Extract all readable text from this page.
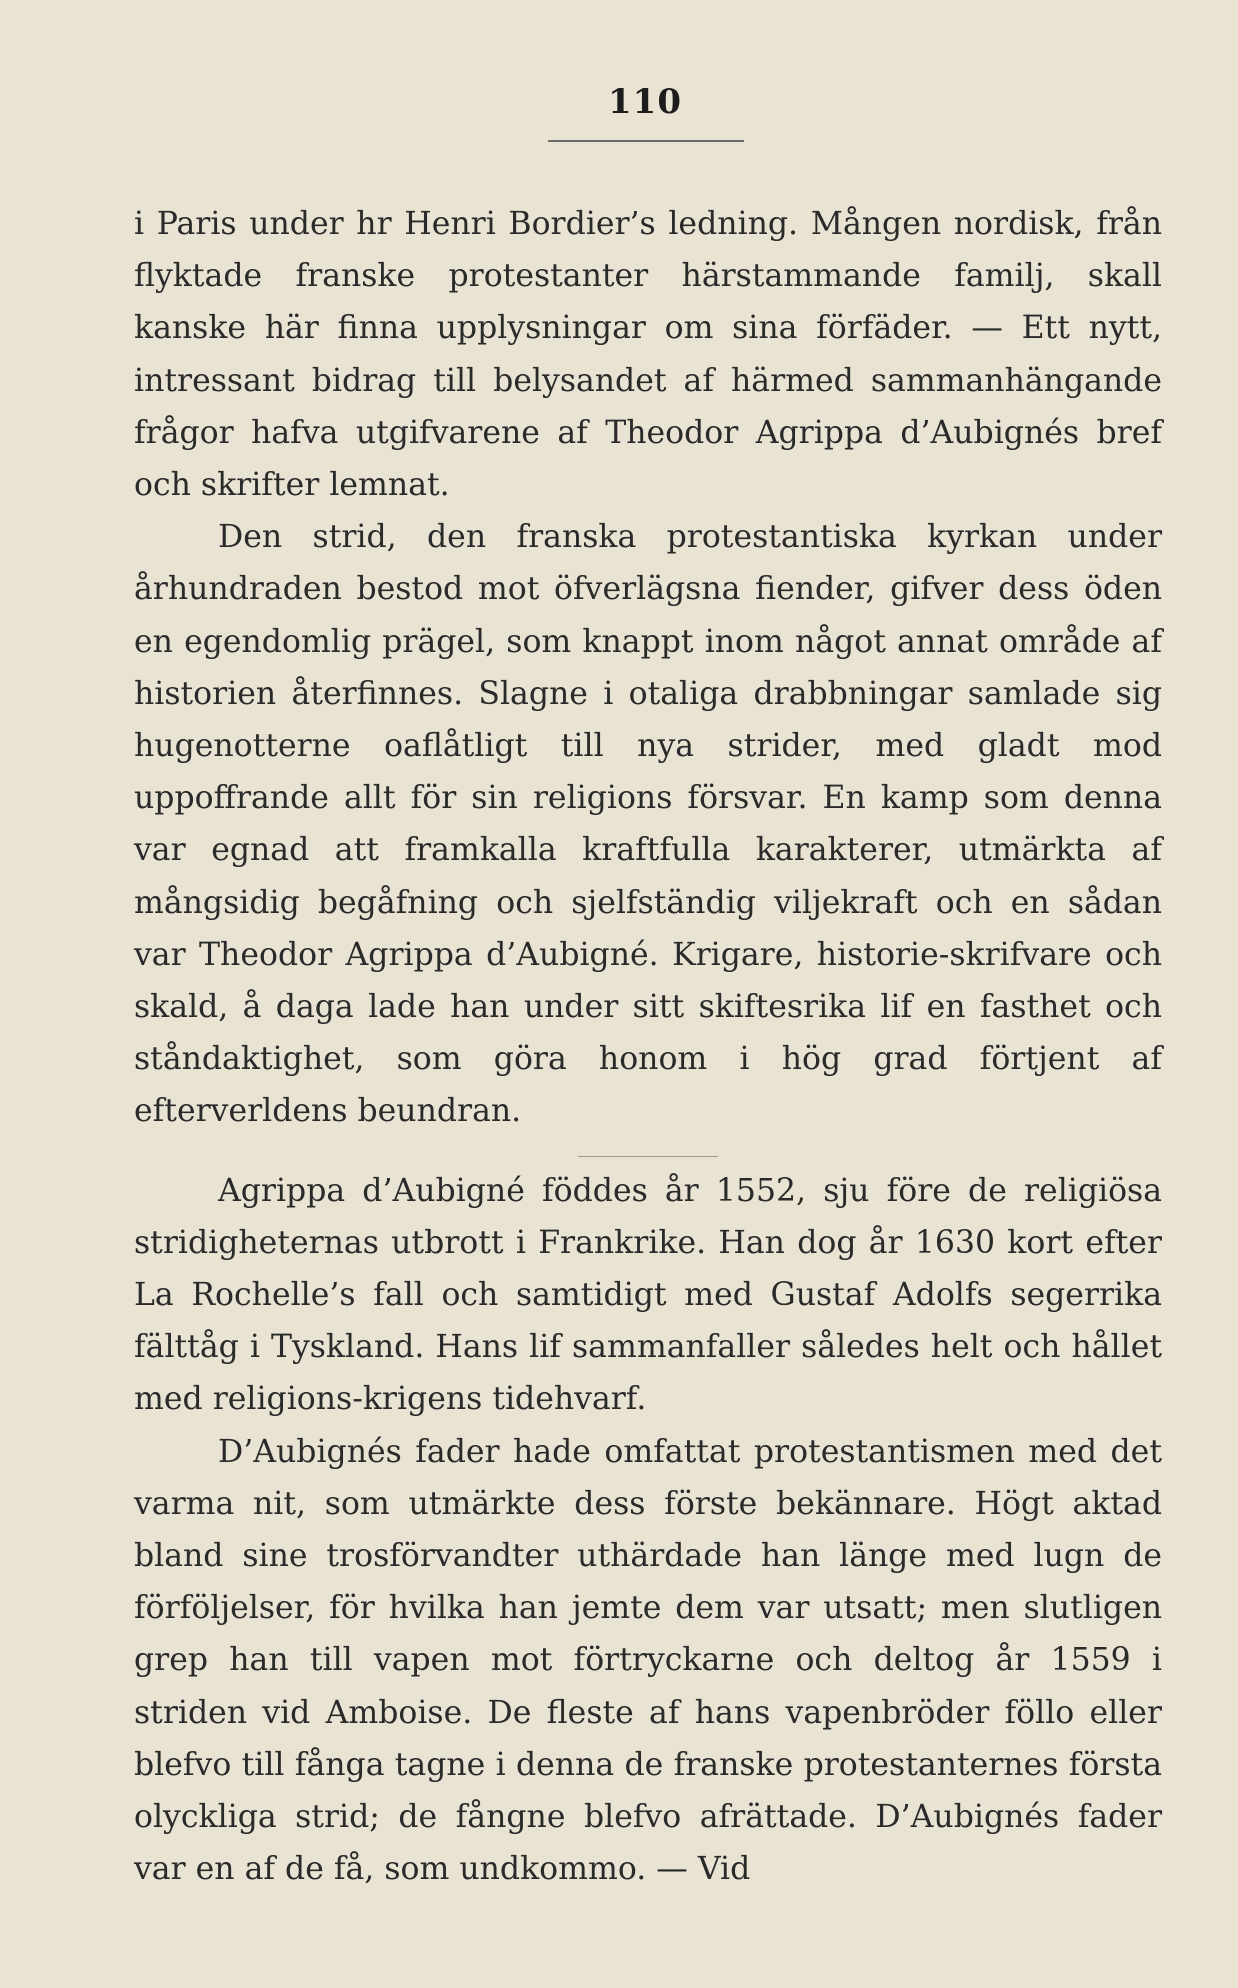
110

i Paris under hr Henri Bordier’s ledning. Mången nordisk, från flyktade franske protestanter härstammande familj, skall kanske här finna upplysningar om sina förfäder. — Ett nytt, intressant bidrag till belysandet af härmed sammanhängande frågor hafva utgifvarene af Theodor Agrippa d’Aubignés bref och skrifter lemnat.

Den strid, den franska protestantiska kyrkan under århundraden bestod mot öfverlägsna fiender, gifver dess öden en egendomlig prägel, som knappt inom något annat område af historien återfinnes. Slagne i otaliga drabbningar samlade sig hugenotterne oaflåtligt till nya strider, med gladt mod uppoffrande allt för sin religions försvar. En kamp som denna var egnad att framkalla kraftfulla karakterer, utmärkta af mångsidig begåfning och sjelfständig viljekraft och en sådan var Theodor Agrippa d’Aubigné. Krigare, historie-skrifvare och skald, å daga lade han under sitt skiftesrika lif en fasthet och ståndaktighet, som göra honom i hög grad förtjent af efterverldens beundran.

Agrippa d’Aubigné föddes år 1552, sju före de religiösa stridigheternas utbrott i Frankrike. Han dog år 1630 kort efter La Rochelle’s fall och samtidigt med Gustaf Adolfs segerrika fälttåg i Tyskland. Hans lif sammanfaller således helt och hållet med religions-krigens tidehvarf.

D’Aubignés fader hade omfattat protestantismen med det varma nit, som utmärkte dess förste bekännare. Högt aktad bland sine trosförvandter uthärdade han länge med lugn de förföljelser, för hvilka han jemte dem var utsatt; men slutligen grep han till vapen mot förtryckarne och deltog år 1559 i striden vid Amboise. De fleste af hans vapenbröder föllo eller blefvo till fånga tagne i denna de franske protestanternes första olyckliga strid; de fångne blefvo afrättade. D’Aubignés fader var en af de få, som undkommo. — Vid
